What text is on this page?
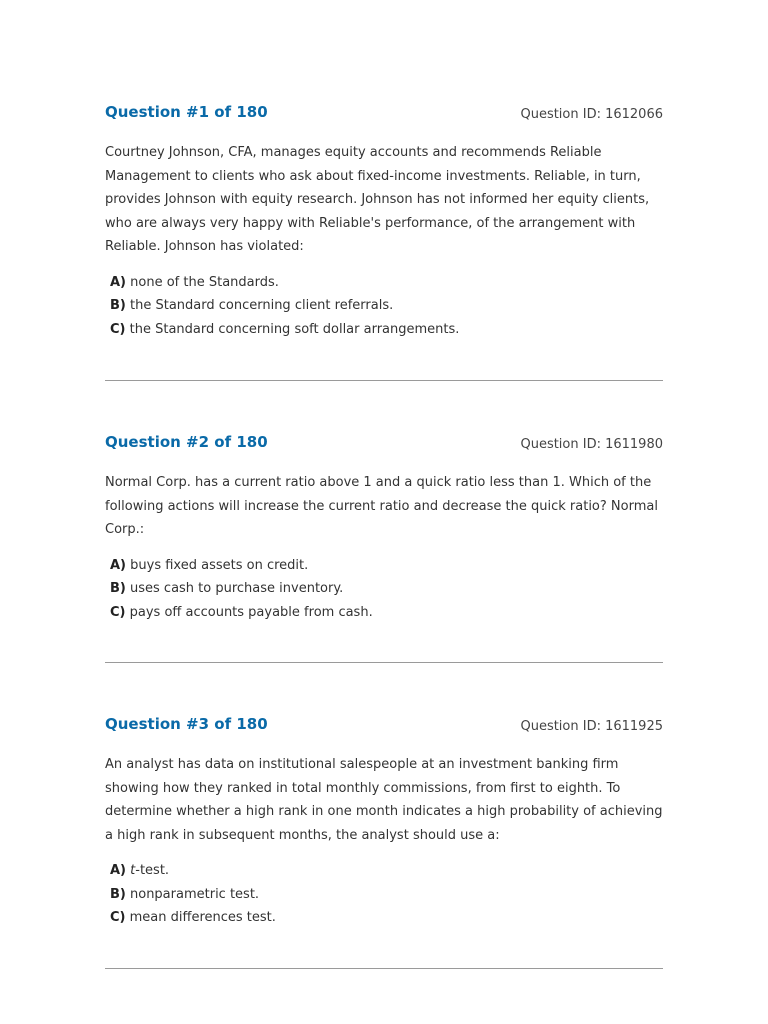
Question #1 of 180	Question ID: 1612066
Courtney Johnson, CFA, manages equity accounts and recommends Reliable Management to clients who ask about fixed-income investments. Reliable, in turn, provides Johnson with equity research. Johnson has not informed her equity clients, who are always very happy with Reliable's performance, of the arrangement with Reliable. Johnson has violated:
A) none of the Standards.
B) the Standard concerning client referrals.
C) the Standard concerning soft dollar arrangements.
Question #2 of 180	Question ID: 1611980
Normal Corp. has a current ratio above 1 and a quick ratio less than 1. Which of the following actions will increase the current ratio and decrease the quick ratio? Normal Corp.:
A) buys fixed assets on credit.
B) uses cash to purchase inventory.
C) pays off accounts payable from cash.
Question #3 of 180	Question ID: 1611925
An analyst has data on institutional salespeople at an investment banking firm showing how they ranked in total monthly commissions, from first to eighth. To determine whether a high rank in one month indicates a high probability of achieving a high rank in subsequent months, the analyst should use a:
A) t-test.
B) nonparametric test.
C) mean differences test.
